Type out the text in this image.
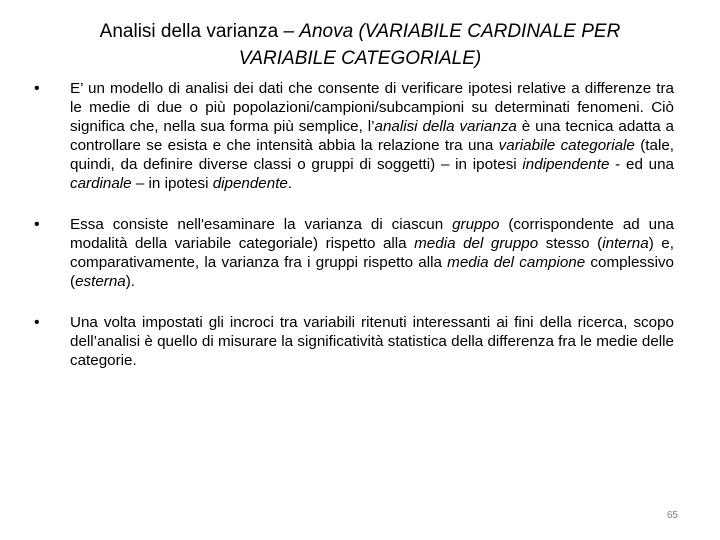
Analisi della varianza – Anova (VARIABILE CARDINALE PER VARIABILE CATEGORIALE)
•	E’ un modello di analisi dei dati che consente di verificare ipotesi relative a differenze tra le medie di due o più popolazioni/campioni/subcampioni su determinati fenomeni. Ciò significa che, nella sua forma più semplice, l’analisi della varianza è una tecnica adatta a controllare se esista e che intensità abbia la relazione tra una variabile categoriale (tale, quindi, da definire diverse classi o gruppi di soggetti) – in ipotesi indipendente - ed una cardinale – in ipotesi dipendente.
•	Essa consiste nell'esaminare la varianza di ciascun gruppo (corrispondente ad una modalità della variabile categoriale) rispetto alla media del gruppo stesso (interna) e, comparativamente, la varianza fra i gruppi rispetto alla media del campione complessivo (esterna).
•	Una volta impostati gli incroci tra variabili ritenuti interessanti ai fini della ricerca, scopo dell’analisi è quello di misurare la significatività statistica della differenza fra le medie delle categorie.
65
